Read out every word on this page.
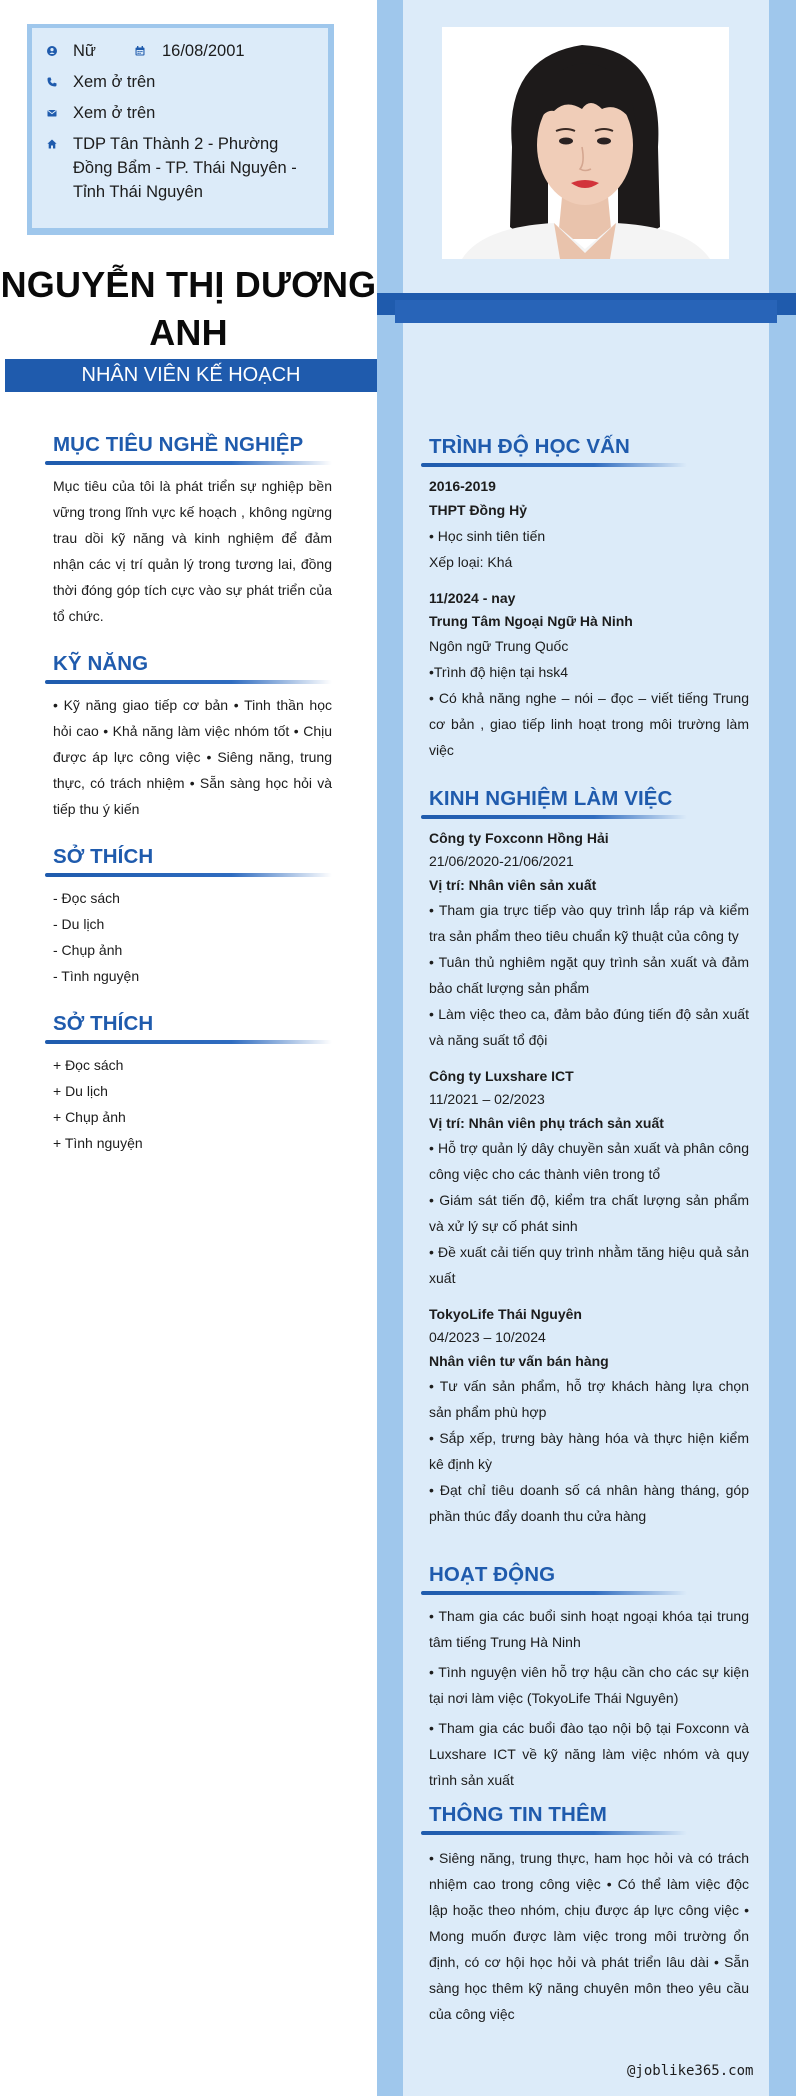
Nữ	16/08/2001
Xem ở trên
Xem ở trên
TDP Tân Thành 2 - Phường Đồng Bẩm - TP. Thái Nguyên - Tỉnh Thái Nguyên
NGUYỄN THỊ DƯƠNG
ANH
NHÂN VIÊN KẾ HOẠCH
MỤC TIÊU NGHỀ NGHIỆP
Mục tiêu của tôi là phát triển sự nghiệp bền vững trong lĩnh vực kế hoạch , không ngừng trau dồi kỹ năng và kinh nghiệm để đảm nhận các vị trí quản lý trong tương lai, đồng thời đóng góp tích cực vào sự phát triển của tổ chức.
KỸ NĂNG
• Kỹ năng giao tiếp cơ bản • Tinh thần học hỏi cao • Khả năng làm việc nhóm tốt • Chịu được áp lực công việc • Siêng năng, trung thực, có trách nhiệm • Sẵn sàng học hỏi và tiếp thu ý kiến
SỞ THÍCH
- Đọc sách
- Du lịch
- Chụp ảnh
- Tình nguyện
SỞ THÍCH
+ Đọc sách
+ Du lịch
+ Chụp ảnh
+ Tình nguyện
TRÌNH ĐỘ HỌC VẤN
2016-2019
THPT Đồng Hỷ
• Học sinh tiên tiến
Xếp loại: Khá
11/2024 - nay
Trung Tâm Ngoại Ngữ Hà Ninh
Ngôn ngữ Trung Quốc
•Trình độ hiện tại hsk4
• Có khả năng nghe – nói – đọc – viết tiếng Trung cơ bản , giao tiếp linh hoạt trong môi trường làm việc
KINH NGHIỆM LÀM VIỆC
Công ty Foxconn Hồng Hải
21/06/2020-21/06/2021
Vị trí: Nhân viên sản xuất
• Tham gia trực tiếp vào quy trình lắp ráp và kiểm tra sản phẩm theo tiêu chuẩn kỹ thuật của công ty
• Tuân thủ nghiêm ngặt quy trình sản xuất và đảm bảo chất lượng sản phẩm
• Làm việc theo ca, đảm bảo đúng tiến độ sản xuất và năng suất tổ đội
Công ty Luxshare ICT
11/2021 – 02/2023
Vị trí: Nhân viên phụ trách sản xuất
• Hỗ trợ quản lý dây chuyền sản xuất và phân công công việc cho các thành viên trong tổ
• Giám sát tiến độ, kiểm tra chất lượng sản phẩm và xử lý sự cố phát sinh
• Đề xuất cải tiến quy trình nhằm tăng hiệu quả sản xuất
TokyoLife Thái Nguyên
04/2023 – 10/2024
Nhân viên tư vấn bán hàng
• Tư vấn sản phẩm, hỗ trợ khách hàng lựa chọn sản phẩm phù hợp
• Sắp xếp, trưng bày hàng hóa và thực hiện kiểm kê định kỳ
• Đạt chỉ tiêu doanh số cá nhân hàng tháng, góp phần thúc đẩy doanh thu cửa hàng
HOẠT ĐỘNG
• Tham gia các buổi sinh hoạt ngoại khóa tại trung tâm tiếng Trung Hà Ninh
• Tình nguyện viên hỗ trợ hậu cần cho các sự kiện tại nơi làm việc (TokyoLife Thái Nguyên)
• Tham gia các buổi đào tạo nội bộ tại Foxconn và Luxshare ICT về kỹ năng làm việc nhóm và quy trình sản xuất
THÔNG TIN THÊM
• Siêng năng, trung thực, ham học hỏi và có trách nhiệm cao trong công việc • Có thể làm việc độc lập hoặc theo nhóm, chịu được áp lực công việc • Mong muốn được làm việc trong môi trường ổn định, có cơ hội học hỏi và phát triển lâu dài • Sẵn sàng học thêm kỹ năng chuyên môn theo yêu cầu của công việc
@joblike365.com
